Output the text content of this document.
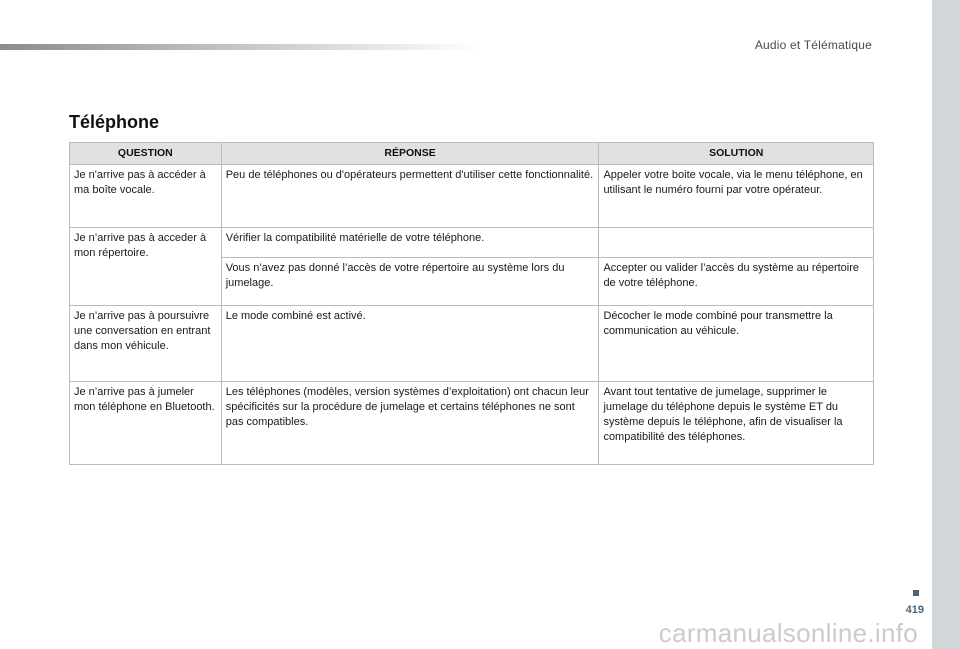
Audio et Télématique
Téléphone
QUESTION	RÉPONSE	SOLUTION
Je n'arrive pas à accéder à ma boîte vocale.	Peu de téléphones ou d'opérateurs permettent d'utiliser cette fonctionnalité.	Appeler votre boite vocale, via le menu téléphone, en utilisant le numéro fourni par votre opérateur.
Je n’arrive pas à acceder à mon répertoire.	Vérifier la compatibilité matérielle de votre téléphone.	
	Vous n’avez pas donné l’accès de votre répertoire au système lors du jumelage.	Accepter ou valider l’accès du système au répertoire de votre téléphone.
Je n’arrive pas à poursuivre une conversation en entrant dans mon véhicule.	Le mode combiné est activé.	Décocher le mode combiné pour transmettre la communication au véhicule.
Je n’arrive pas à jumeler mon téléphone en Bluetooth.	Les téléphones (modèles, version systèmes d’exploitation) ont chacun leur spécificités sur la procédure de jumelage et certains téléphones ne sont pas compatibles.	Avant tout tentative de jumelage, supprimer le jumelage du téléphone depuis le système ET du système depuis le téléphone, afin de visualiser la compatibilité des téléphones.
419
carmanualsonline.info
